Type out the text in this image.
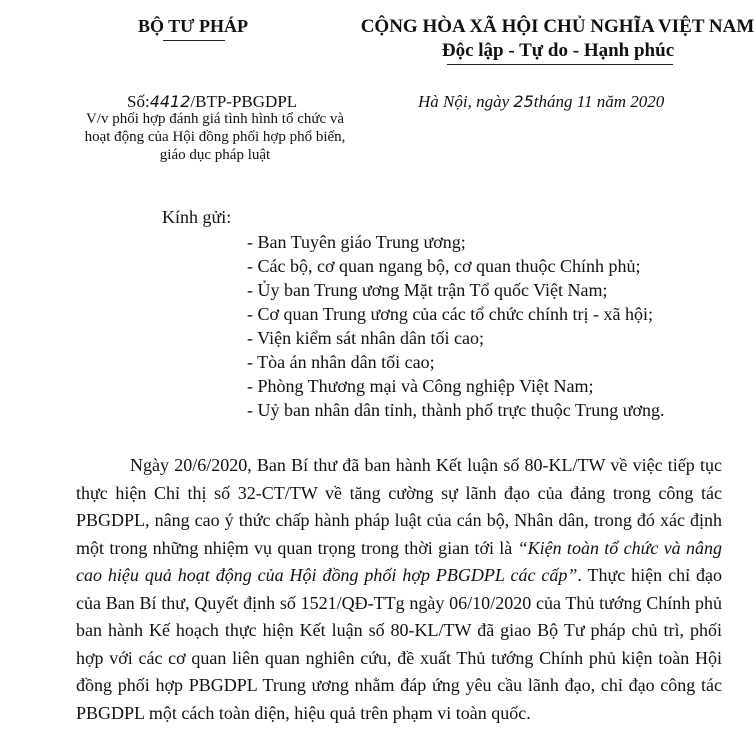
BỘ TƯ PHÁP	CỘNG HÒA XÃ HỘI CHỦ NGHĨA VIỆT NAM
Độc lập - Tự do - Hạnh phúc
Số:4412/BTP-PBGDPL	Hà Nội, ngày 25tháng 11 năm 2020
V/v phối hợp đánh giá tình hình tổ chức và hoạt động của Hội đồng phối hợp phổ biến, giáo dục pháp luật
Kính gửi:
- Ban Tuyên giáo Trung ương;
- Các bộ, cơ quan ngang bộ, cơ quan thuộc Chính phủ;
- Ủy ban Trung ương Mặt trận Tổ quốc Việt Nam;
- Cơ quan Trung ương của các tổ chức chính trị - xã hội;
- Viện kiểm sát nhân dân tối cao;
- Tòa án nhân dân tối cao;
- Phòng Thương mại và Công nghiệp Việt Nam;
- Uỷ ban nhân dân tỉnh, thành phố trực thuộc Trung ương.

Ngày 20/6/2020, Ban Bí thư đã ban hành Kết luận số 80-KL/TW về việc tiếp tục thực hiện Chỉ thị số 32-CT/TW về tăng cường sự lãnh đạo của đảng trong công tác PBGDPL, nâng cao ý thức chấp hành pháp luật của cán bộ, Nhân dân, trong đó xác định một trong những nhiệm vụ quan trọng trong thời gian tới là “Kiện toàn tổ chức và nâng cao hiệu quả hoạt động của Hội đồng phối hợp PBGDPL các cấp”. Thực hiện chỉ đạo của Ban Bí thư, Quyết định số 1521/QĐ-TTg ngày 06/10/2020 của Thủ tướng Chính phủ ban hành Kế hoạch thực hiện Kết luận số 80-KL/TW đã giao Bộ Tư pháp chủ trì, phối hợp với các cơ quan liên quan nghiên cứu, đề xuất Thủ tướng Chính phủ kiện toàn Hội đồng phối hợp PBGDPL Trung ương nhằm đáp ứng yêu cầu lãnh đạo, chỉ đạo công tác PBGDPL một cách toàn diện, hiệu quả trên phạm vi toàn quốc.
